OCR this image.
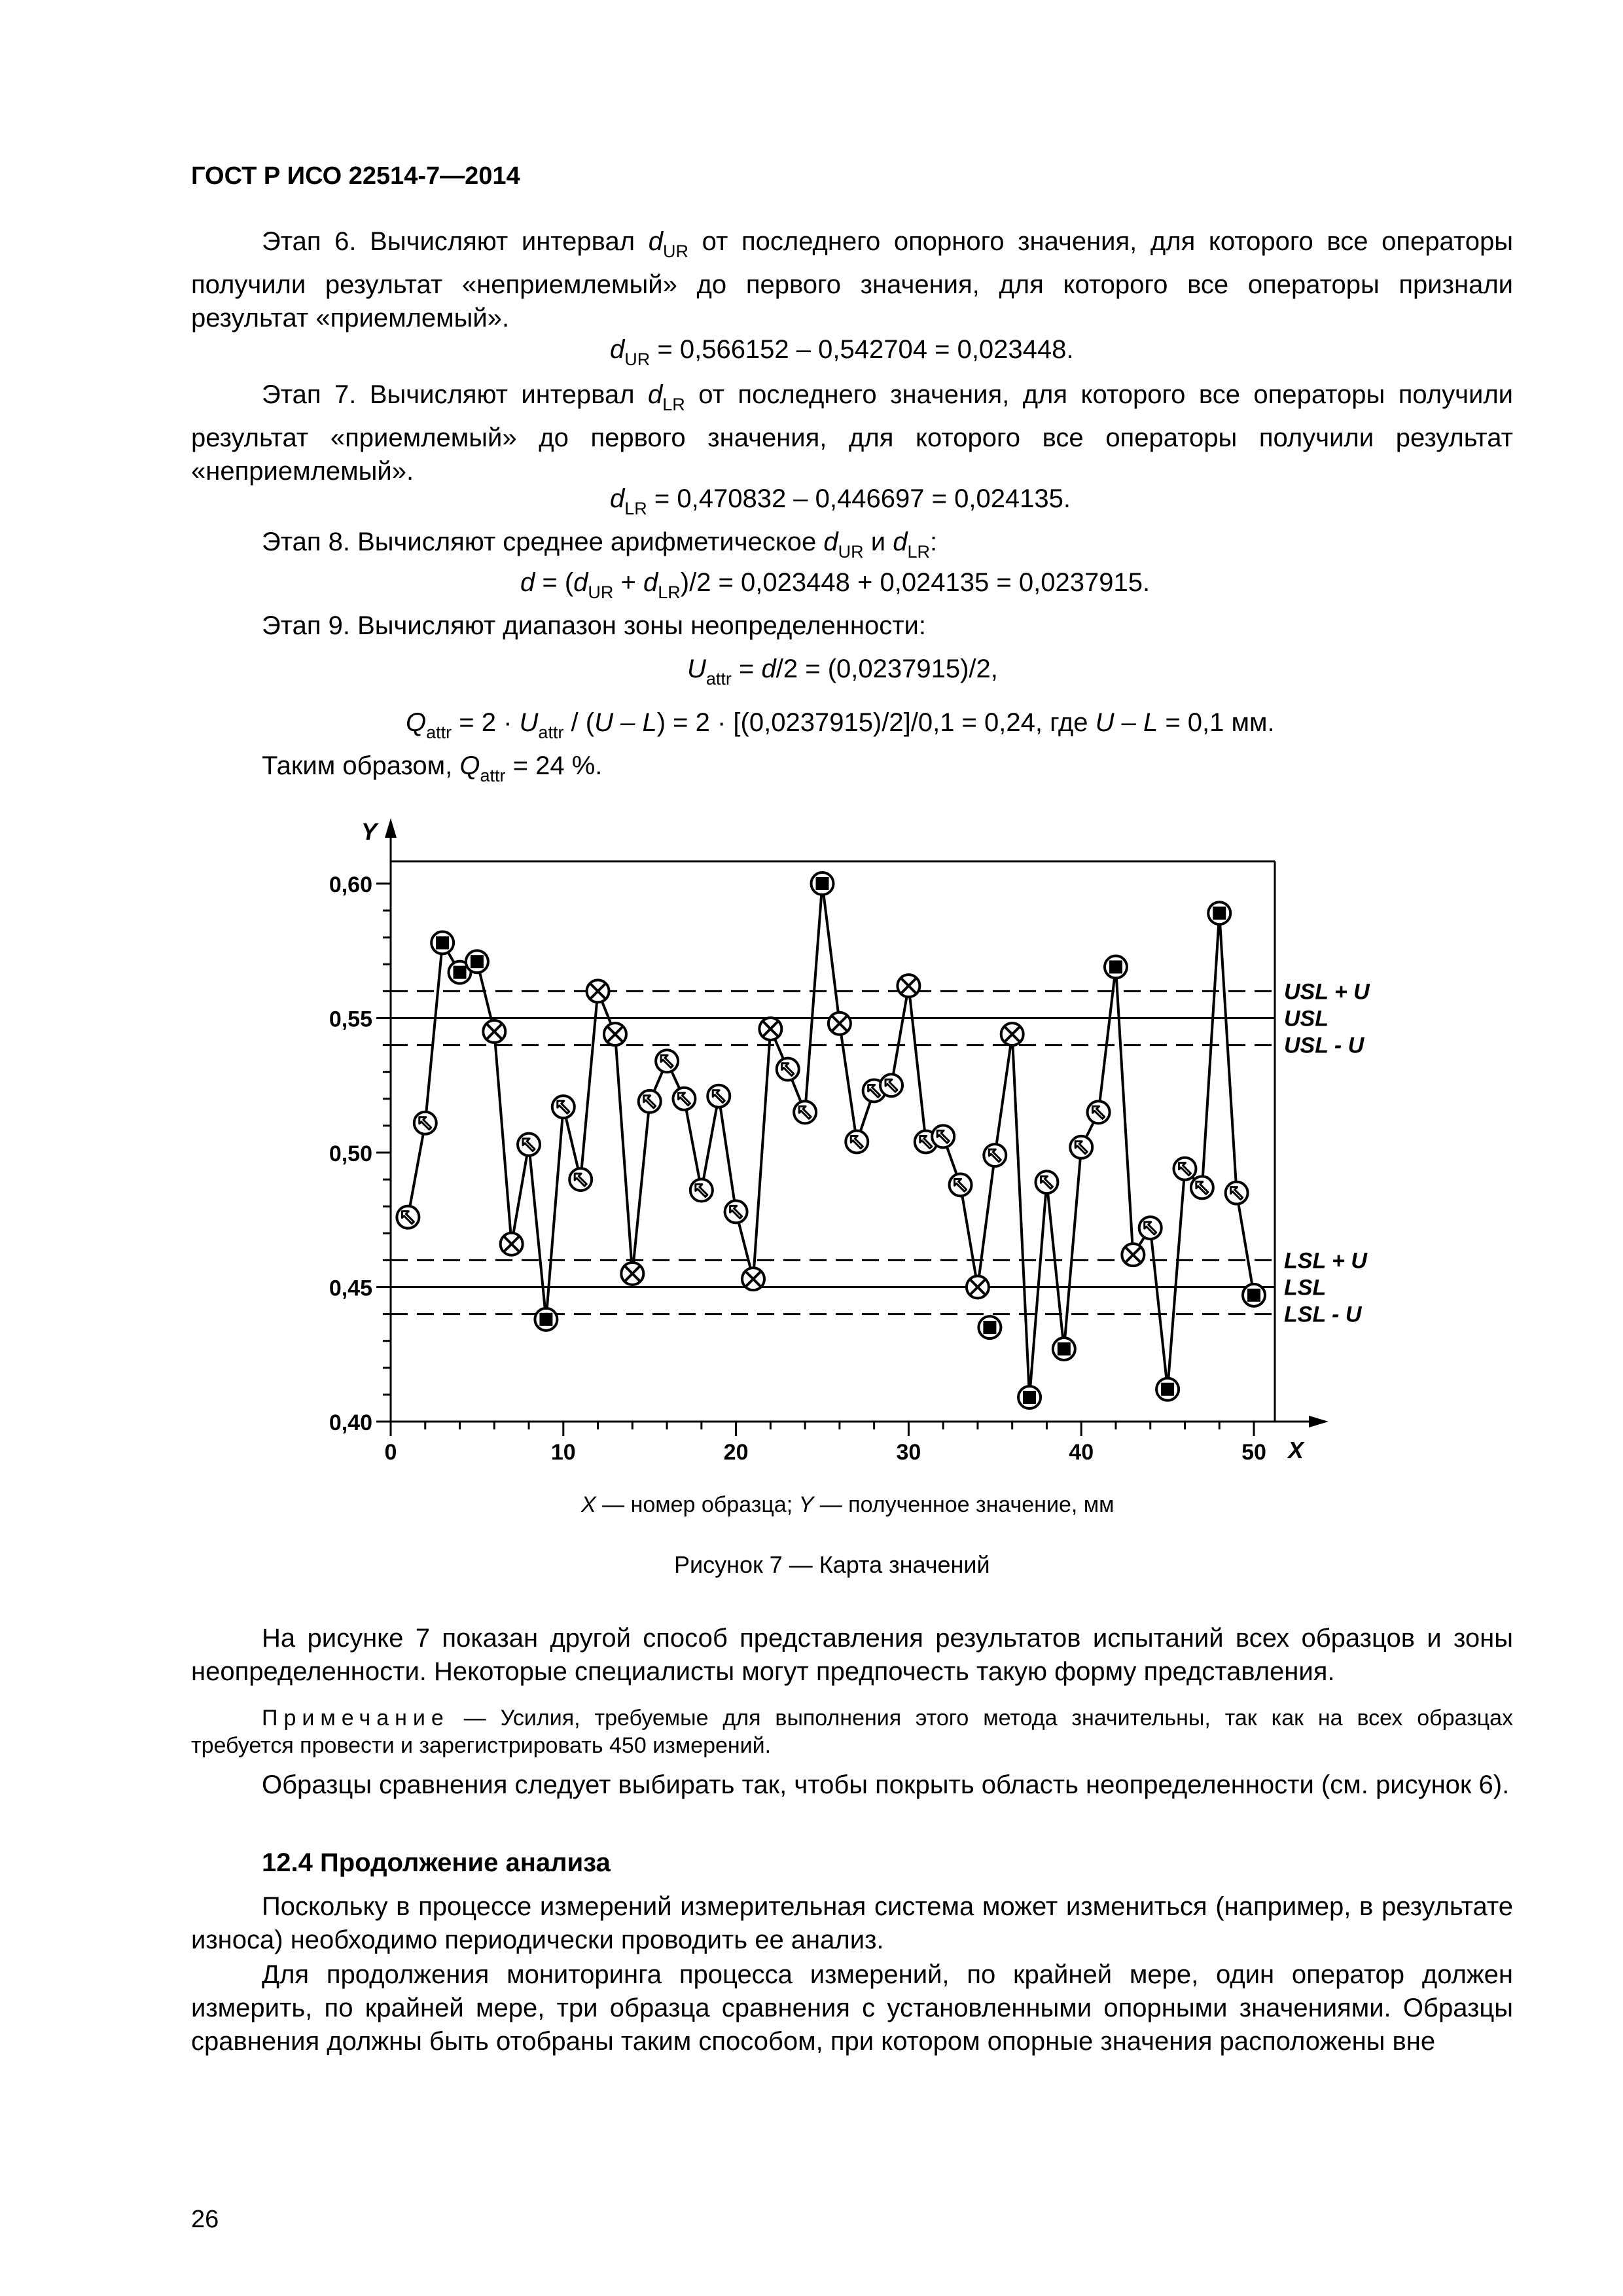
ГОСТ Р ИСО 22514-7—2014
Этап 6. Вычисляют интервал $d_{UR}$ от последнего опорного значения, для которого все операторы получили результат «неприемлемый» до первого значения, для которого все операторы признали результат «приемлемый».
$d_{UR} = 0,566152 - 0,542704 = 0,023448$.
Этап 7. Вычисляют интервал $d_{LR}$ от последнего значения, для которого все операторы получили результат «приемлемый» до первого значения, для которого все операторы получили результат «неприемлемый».
$d_{LR} = 0,470832 - 0,446697 = 0,024135$.
Этап 8. Вычисляют среднее арифметическое $d_{UR}$ и $d_{LR}$:
$d = (d_{UR} + d_{LR})/2 = 0,023448 + 0,024135 = 0,0237915$.
Этап 9. Вычисляют диапазон зоны неопределенности:
$U_{attr} = d/2 = (0,0237915)/2$,
$Q_{attr} = 2 \cdot U_{attr} / (U - L) = 2 \cdot [(0,0237915)/2]/0,1 = 0,24$, где U – L = 0,1 мм.
Таким образом, $Q_{attr} = 24$ %.
Y
X
0,40
0,45
0,50
0,55
0,60
0	10	20	30	40	50
USL + U
USL
USL - U
LSL + U
LSL
LSL - U
X — номер образца; Y — полученное значение, мм
Рисунок 7 — Карта значений
На рисунке 7 показан другой способ представления результатов испытаний всех образцов и зоны неопределенности. Некоторые специалисты могут предпочесть такую форму представления.
Примечание — Усилия, требуемые для выполнения этого метода значительны, так как на всех образцах требуется провести и зарегистрировать 450 измерений.
Образцы сравнения следует выбирать так, чтобы покрыть область неопределенности (см. рисунок 6).
12.4 Продолжение анализа
Поскольку в процессе измерений измерительная система может измениться (например, в результате износа) необходимо периодически проводить ее анализ.
Для продолжения мониторинга процесса измерений, по крайней мере, один оператор должен измерить, по крайней мере, три образца сравнения с установленными опорными значениями. Образцы сравнения должны быть отобраны таким способом, при котором опорные значения расположены вне
26
